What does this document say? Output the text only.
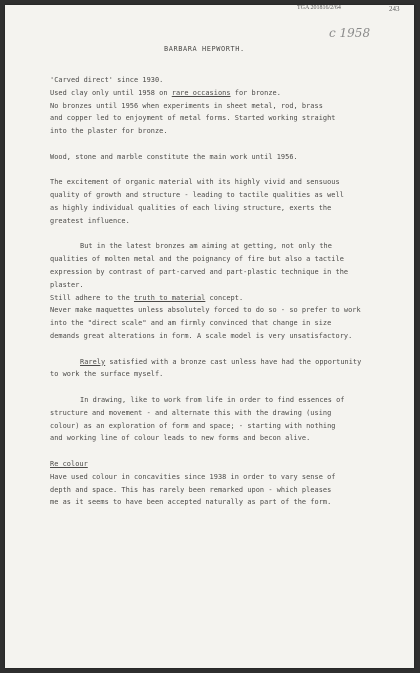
TGA 201816/2/64	243
c 1958
BARBARA HEPWORTH.
'Carved direct' since 1930.
Used clay only until 1958 on rare occasions for bronze.
No bronzes until 1956 when experiments in sheet metal, rod, brass
and copper led to enjoyment of metal forms. Started working straight
into the plaster for bronze.
Wood, stone and marble constitute the main work until 1956.
The excitement of organic material with its highly vivid and sensuous
quality of growth and structure - leading to tactile qualities as well
as highly individual qualities of each living structure, exerts the
greatest influence.
But in the latest bronzes am aiming at getting, not only the
qualities of molten metal and the poignancy of fire but also a tactile
expression by contrast of part-carved and part-plastic technique in the
plaster.
Still adhere to the truth to material concept.
Never make maquettes unless absolutely forced to do so - so prefer to work
into the "direct scale" and am firmly convinced that change in size
demands great alterations in form. A scale model is very unsatisfactory.
Rarely satisfied with a bronze cast unless have had the opportunity
to work the surface myself.
In drawing, like to work from life in order to find essences of
structure and movement - and alternate this with the drawing (using
colour) as an exploration of form and space; - starting with nothing
and working line of colour leads to new forms and becon alive.
Re colour
Have used colour in concavities since 1938 in order to vary sense of
depth and space. This has rarely been remarked upon - which pleases
me as it seems to have been accepted naturally as part of the form.
